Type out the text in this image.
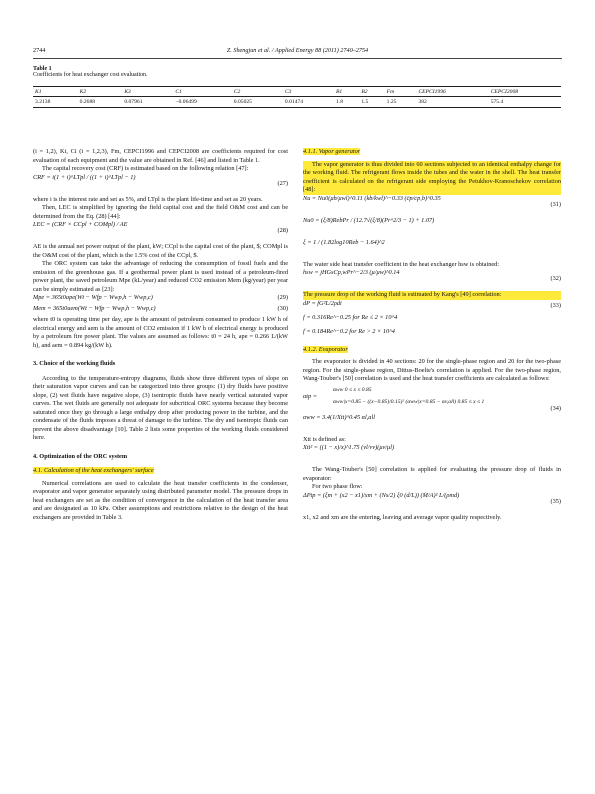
2744	Z. Shengjun et al. / Applied Energy 88 (2011) 2740–2754
Table 1
Coefficients for heat exchanger cost evaluation.
K1	K2	K3	C1	C2	C3	B1	B2	Fm	CEPCI1996	CEPCI2008
3.2138	0.2688	0.07961	−0.06499	0.05025	0.01474	1.8	1.5	1.25	382	575.4

(i = 1,2), Ki, Ci (i = 1,2,3), Fm, CEPCI1996 and CEPCI2008 are coefficients required for cost evaluation of each equipment and the value are obtained in Ref. [46] and listed in Table 1.

The capital recovery cost (CRF) is estimated based on the following relation [47]:

CRF = i(1 + i)^LTpl / ((1 + i)^LTpl − 1)
(27)

where i is the interest rate and set as 5%, and LTpl is the plant life-time and set as 20 years.

Then, LEC is simplified by ignoring the field capital cost and the field O&M cost and can be determined from the Eq. (28) [44]:

LEC = (CRF × CCpl + COMpl) / AE
(28)

AE is the annual net power output of the plant, kW; CCpl is the capital cost of the plant, $; COMpl is the O&M cost of the plant, which is the 1.5% cost of the CCpl, $.

The ORC system can take the advantage of reducing the consumption of fossil fuels and the emission of the greenhouse gas. If a geothermal power plant is used instead of a petroleum-fired power plant, the saved petroleum Mpe (kL/year) and reduced CO2 emission Mem (kg/year) per year can be simply estimated as [23]:

Mpe = 365t0ape(Wt − Wfp − Wwp,h − Wwp,c)	(29)
Mem = 365t0aem(Wt − Wfp − Wwp,h − Wwp,c)	(30)

where t0 is operating time per day, ape is the amount of petroleum consumed to produce 1 kW h of electrical energy and aem is the amount of CO2 emission if 1 kW h of electrical energy is produced by a petroleum fire power plant. The values are assumed as follows: t0 = 24 h, ape = 0.266 L/(kW h), and aem = 0.894 kg/(kW h).

3. Choice of the working fluids

According to the temperature-entropy diagrams, fluids show three different types of slope on their saturation vapor curves and can be categorized into three groups: (1) dry fluids have positive slope, (2) wet fluids have negative slope, (3) isentropic fluids have nearly vertical saturated vapor curves. The wet fluids are generally not adequate for subcritical ORC systems because they become saturated once they go through a large enthalpy drop after producing power in the turbine, and the condensate of the fluids imposes a threat of damage to the turbine. The dry and isentropic fluids can prevent the above disadvantage [10]. Table 2 lists some properties of the working fluids considered here.

4. Optimization of the ORC system
4.1. Calculation of the heat exchangers' surface

Numerical correlations are used to calculate the heat transfer coefficients in the condenser, evaporator and vapor generator separately using distributed parameter model. The pressure drops in heat exchangers are set as the condition of convergence in the calculation of the heat transfer area and are designated as 10 kPa. Other assumptions and restrictions relative to the design of the heat exchangers are provided in Table 3.

4.1.1. Vapor generator

The vapor generator is thus divided into 60 sections subjected to an identical enthalpy change for the working fluid. The refrigerant flows inside the tubes and the water in the shell. The heat transfer coefficient is calculated on the refrigerant side employing the Petukhov-Kranoschekov correlation [48]:

Nu = Nu0(μb/μwl)^0.11 (kb/kwl)^−0.33 (c̄p/cp,b)^0.35
(31)
Nu0 = (ξ/8)RebPr / (12.7√(ξ/8)(Pr^2/3 − 1) + 1.07)
ξ = 1 / (1.82log10Reb − 1.64)^2

The water side heat transfer coefficient in the heat exchanger hsw is obtained:

hsw = jHGsCp,wPr^−2/3 (μ/μw)^0.14
(32)

The pressure drop of the working fluid is estimated by Kang's [49] correlation:

dP = fG²L/2ρdi	(33)
f = 0.316Re^−0.25 for Re ≤ 2 × 10^4
f = 0.184Re^−0.2 for Re > 2 × 10^4
4.1.2. Evaporator

The evaporator is divided in 40 sections: 20 for the single-phase region and 20 for the two-phase region. For the single-phase region, Dittus-Boelte's correlation is applied. For the two-phase region, Wang-Touber's [50] correlation is used and the heat transfer coefficients are calculated as follows:

αtp =
αww 0 ≤ x ≤ 0.85
αww|x=0.85 − ((x−0.85)/0.15)² (αww|x=0.85 − αv,all) 0.85 ≤ x ≤ 1
(34)
αww = 3.4(1/Xtt)^0.45 αl,all

Xtt is defined as:

Xtt² = ((1 − x)/x)^1.75 (vl/vv)(μv/μl)

The Wang-Touber's [50] correlation is applied for evaluating the pressure drop of fluids in evaporator:

For two phase flow:

ΔPtp = (ξm + (x2 − x1)/xm + (Ns/2) ξ0 (d/L)) (Ṁ/A)² L/(ρmd)
(35)

x1, x2 and xm are the entering, leaving and average vapor quality respectively.
